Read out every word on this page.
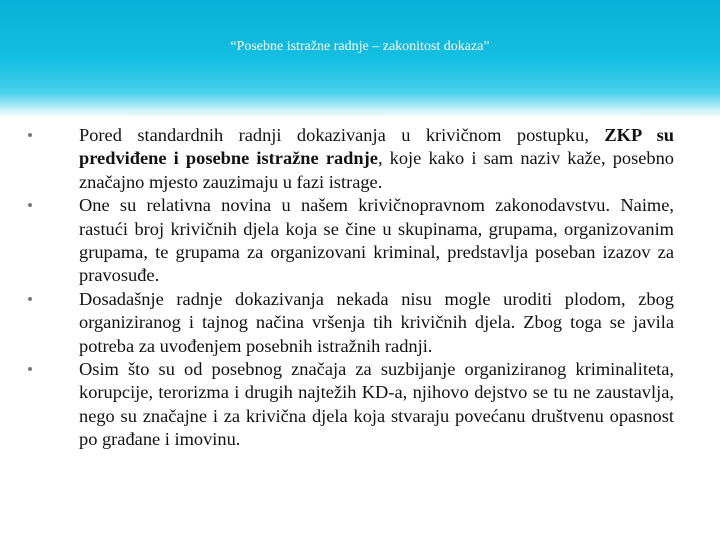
“Posebne istražne radnje – zakonitost dokaza”

Pored standardnih radnji dokazivanja u krivičnom postupku, ZKP su predviđene i posebne istražne radnje, koje kako i sam naziv kaže, posebno značajno mjesto zauzimaju u fazi istrage.
One su relativna novina u našem krivičnopravnom zakonodavstvu. Naime, rastući broj krivičnih djela koja se čine u skupinama, grupama, organizovanim grupama, te grupama za organizovani kriminal, predstavlja poseban izazov za pravosuđe.
Dosadašnje radnje dokazivanja nekada nisu mogle uroditi plodom, zbog organiziranog i tajnog načina vršenja tih krivičnih djela. Zbog toga se javila potreba za uvođenjem posebnih istražnih radnji.
Osim što su od posebnog značaja za suzbijanje organiziranog kriminaliteta, korupcije, terorizma i drugih najtežih KD-a, njihovo dejstvo se tu ne zaustavlja, nego su značajne i za krivična djela koja stvaraju povećanu društvenu opasnost po građane i imovinu.
